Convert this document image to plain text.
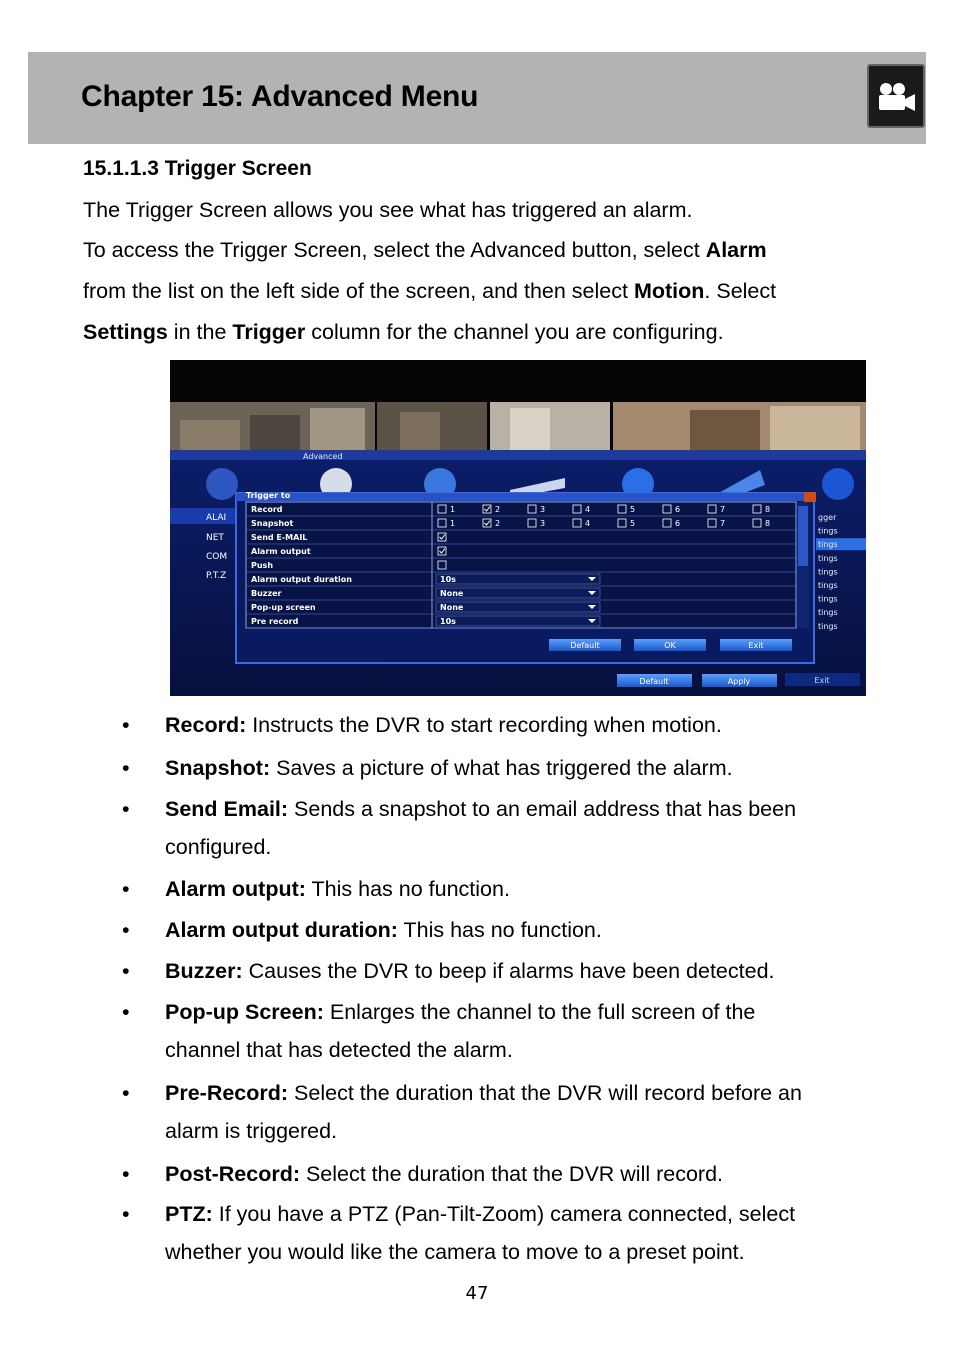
Chapter 15: Advanced Menu
15.1.1.3 Trigger Screen
The Trigger Screen allows you see what has triggered an alarm.
To access the Trigger Screen, select the Advanced button, select Alarm
from the list on the left side of the screen, and then select Motion. Select
Settings in the Trigger column for the channel you are configuring.
Advanced
ALAI
NET
COM
P.T.Z
gger
tings
tings
tings
tings
tings
tings
tings
tings
Trigger to
Record	1	2	3	4	5	6	7	8
Snapshot	1	2	3	4	5	6	7	8
Send E-MAIL
Alarm output
Push
Alarm output duration	10s
Buzzer	None
Pop-up screen	None
Pre record	10s
Default	OK	Exit
Default	Apply	Exit
• Record: Instructs the DVR to start recording when motion.
• Snapshot: Saves a picture of what has triggered the alarm.
• Send Email: Sends a snapshot to an email address that has been
configured.
• Alarm output: This has no function.
• Alarm output duration: This has no function.
• Buzzer: Causes the DVR to beep if alarms have been detected.
• Pop-up Screen: Enlarges the channel to the full screen of the
channel that has detected the alarm.
• Pre-Record: Select the duration that the DVR will record before an
alarm is triggered.
• Post-Record: Select the duration that the DVR will record.
• PTZ: If you have a PTZ (Pan-Tilt-Zoom) camera connected, select
whether you would like the camera to move to a preset point.
47
